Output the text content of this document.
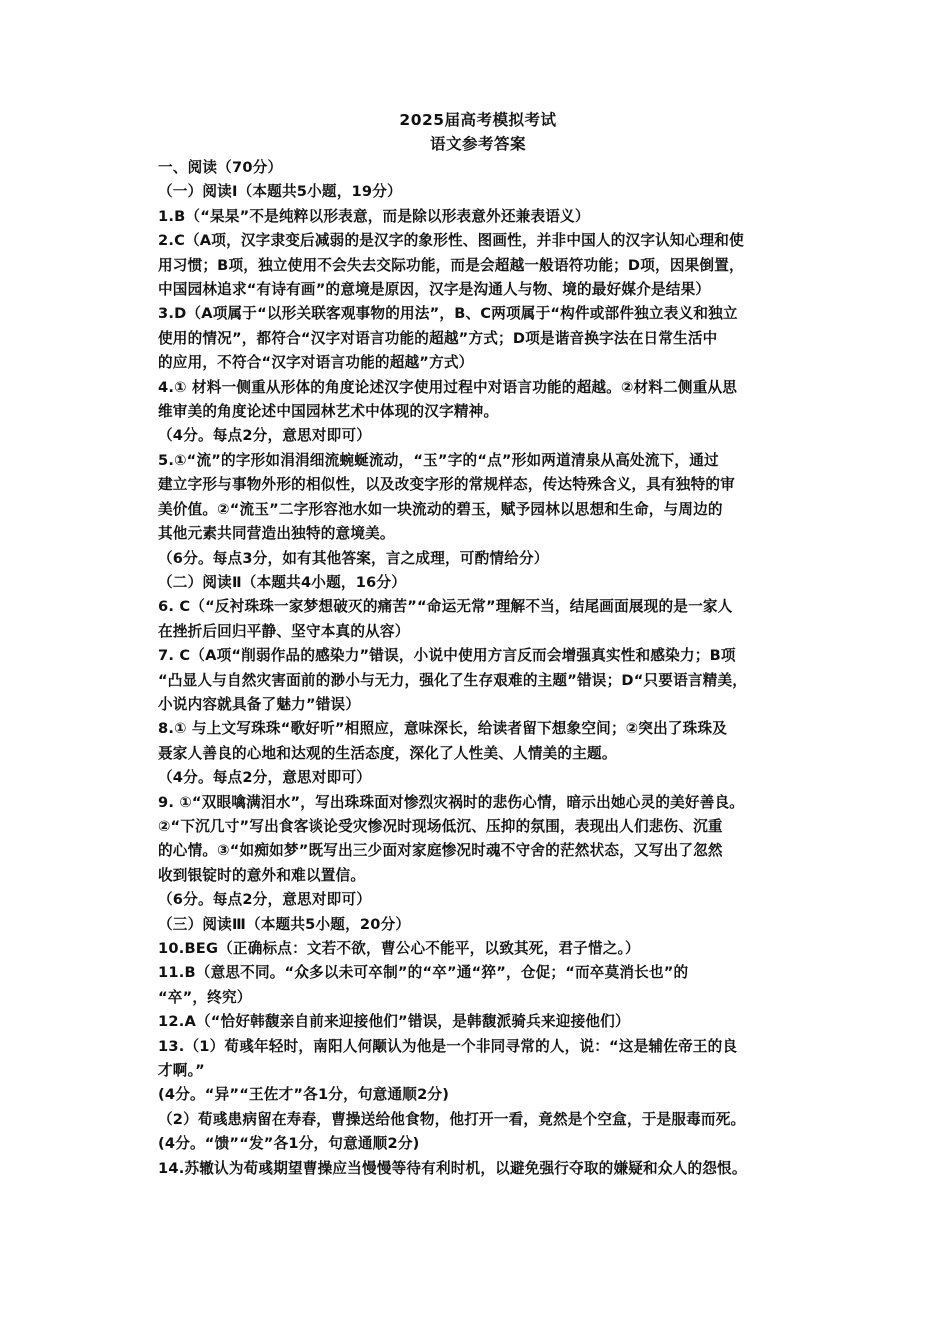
2025届高考模拟考试
语文参考答案
一、阅读（70分）
（一）阅读Ⅰ（本题共5小题，19分）
1.B（“杲杲”不是纯粹以形表意，而是除以形表意外还兼表语义）
2.C（A项，汉字隶变后减弱的是汉字的象形性、图画性，并非中国人的汉字认知心理和使
用习惯；B项，独立使用不会失去交际功能，而是会超越一般语符功能；D项，因果倒置，
中国园林追求“有诗有画”的意境是原因，汉字是沟通人与物、境的最好媒介是结果）
3.D（A项属于“以形关联客观事物的用法”，B、C两项属于“构件或部件独立表义和独立
使用的情况”，都符合“汉字对语言功能的超越”方式；D项是谐音换字法在日常生活中
的应用，不符合“汉字对语言功能的超越”方式）
4.① 材料一侧重从形体的角度论述汉字使用过程中对语言功能的超越。②材料二侧重从思
维审美的角度论述中国园林艺术中体现的汉字精神。
（4分。每点2分，意思对即可）
5.①“流”的字形如涓涓细流蜿蜒流动，“玉”字的“点”形如两道清泉从高处流下，通过
建立字形与事物外形的相似性，以及改变字形的常规样态，传达特殊含义，具有独特的审
美价值。②“流玉”二字形容池水如一块流动的碧玉，赋予园林以思想和生命，与周边的
其他元素共同营造出独特的意境美。
（6分。每点3分，如有其他答案，言之成理，可酌情给分）
（二）阅读Ⅱ（本题共4小题，16分）
6. C（“反衬珠珠一家梦想破灭的痛苦”“命运无常”理解不当，结尾画面展现的是一家人
在挫折后回归平静、坚守本真的从容）
7. C（A项“削弱作品的感染力”错误，小说中使用方言反而会增强真实性和感染力；B项
“凸显人与自然灾害面前的渺小与无力，强化了生存艰难的主题”错误；D“只要语言精美，
小说内容就具备了魅力”错误）
8.① 与上文写珠珠“歌好听”相照应，意味深长，给读者留下想象空间；②突出了珠珠及
聂家人善良的心地和达观的生活态度，深化了人性美、人情美的主题。
（4分。每点2分，意思对即可）
9. ①“双眼噙满泪水”，写出珠珠面对惨烈灾祸时的悲伤心情，暗示出她心灵的美好善良。
②“下沉几寸”写出食客谈论受灾惨况时现场低沉、压抑的氛围，表现出人们悲伤、沉重
的心情。③“如痴如梦”既写出三少面对家庭惨况时魂不守舍的茫然状态，又写出了忽然
收到银锭时的意外和难以置信。
（6分。每点2分，意思对即可）
（三）阅读Ⅲ（本题共5小题，20分）
10.BEG（正确标点：文若不欲，曹公心不能平，以致其死，君子惜之。）
11.B（意思不同。“众多以未可卒制”的“卒”通“猝”，仓促；“而卒莫消长也”的
“卒”，终究）
12.A（“恰好韩馥亲自前来迎接他们”错误，是韩馥派骑兵来迎接他们）
13.（1）荀彧年轻时，南阳人何颙认为他是一个非同寻常的人，说：“这是辅佐帝王的良
才啊。”
(4分。“异”“王佐才”各1分，句意通顺2分)
（2）荀彧患病留在寿春，曹操送给他食物，他打开一看，竟然是个空盒，于是服毒而死。
(4分。“馈”“发”各1分，句意通顺2分)
14.苏辙认为荀彧期望曹操应当慢慢等待有利时机，以避免强行夺取的嫌疑和众人的怨恨。
